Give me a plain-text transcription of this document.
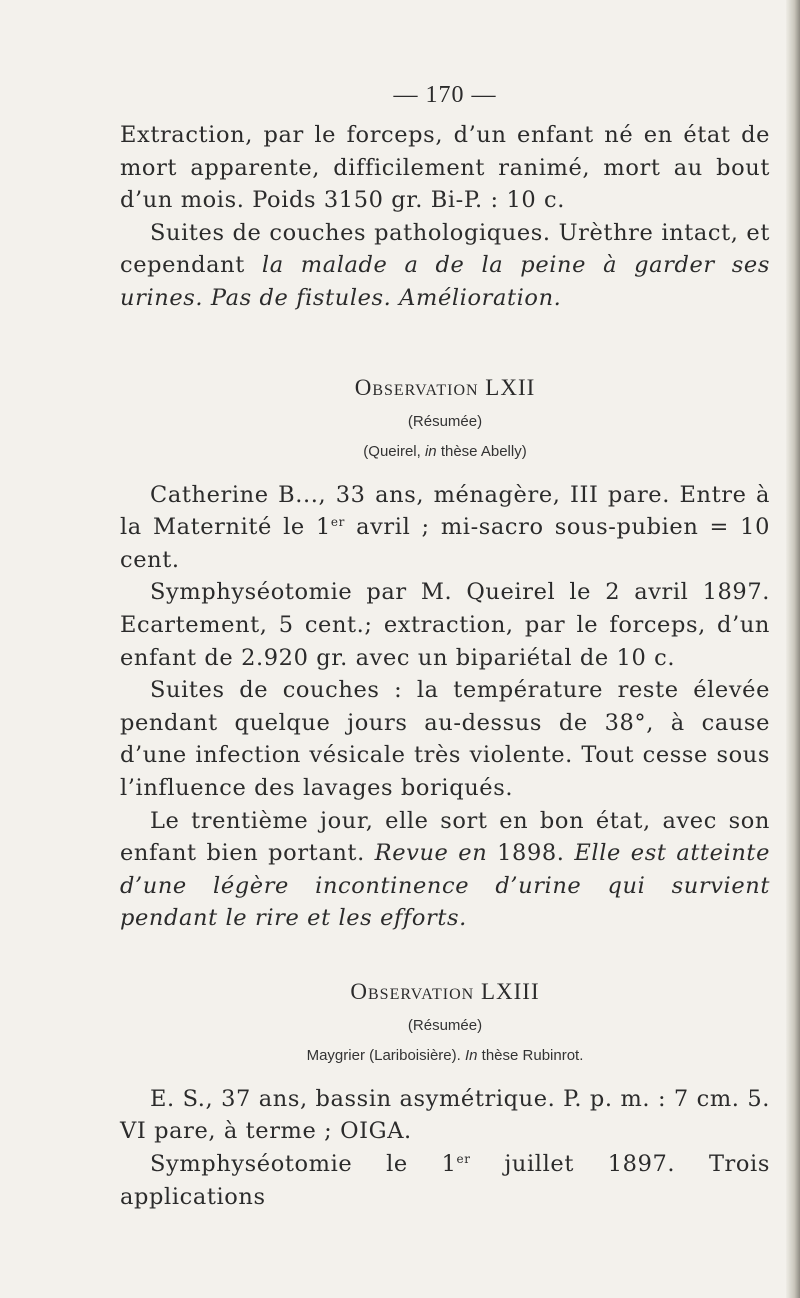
— 170 —

Extraction, par le forceps, d’un enfant né en état de mort apparente, difficilement ranimé, mort au bout d’un mois. Poids 3150 gr. Bi-P. : 10 c.

Suites de couches pathologiques. Urèthre intact, et cependant la malade a de la peine à garder ses urines. Pas de fistules. Amélioration.

Observation LXII

(Résumée)

(Queirel, in thèse Abelly)

Catherine B..., 33 ans, ménagère, III pare. Entre à la Maternité le 1er avril ; mi-sacro sous-pubien = 10 cent.

Symphyséotomie par M. Queirel le 2 avril 1897. Ecartement, 5 cent.; extraction, par le forceps, d’un enfant de 2.920 gr. avec un bipariétal de 10 c.

Suites de couches : la température reste élevée pendant quelque jours au-dessus de 38°, à cause d’une infection vésicale très violente. Tout cesse sous l’influence des lavages boriqués.

Le trentième jour, elle sort en bon état, avec son enfant bien portant. Revue en 1898. Elle est atteinte d’une légère incontinence d’urine qui survient pendant le rire et les efforts.

Observation LXIII

(Résumée)

Maygrier (Lariboisière). In thèse Rubinrot.

E. S., 37 ans, bassin asymétrique. P. p. m. : 7 cm. 5. VI pare, à terme ; OIGA.

Symphyséotomie le 1er juillet 1897. Trois applications
